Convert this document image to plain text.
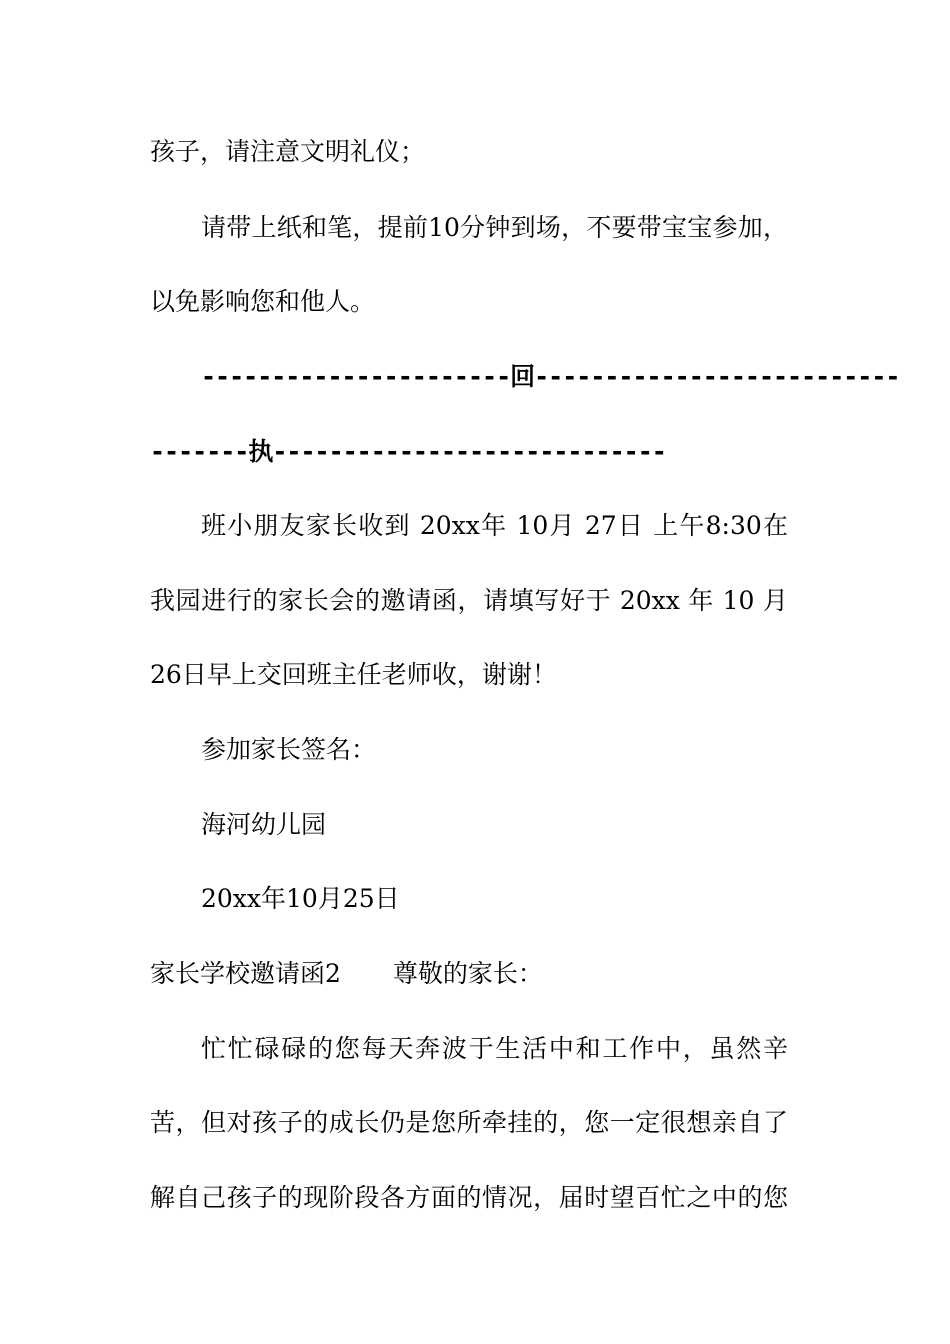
孩子，请注意文明礼仪；
请带上纸和笔，提前10分钟到场，不要带宝宝参加，
以免影响您和他人。
----------------------回--------------------------
-------执----------------------------
班小朋友家长收到 20xx年 10月 27日 上午8:30在
我园进行的家长会的邀请函，请填写好于 20xx 年 10 月
26日早上交回班主任老师收，谢谢！
参加家长签名：
海河幼儿园
20xx年10月25日
家长学校邀请函2 尊敬的家长：
忙忙碌碌的您每天奔波于生活中和工作中，虽然辛
苦，但对孩子的成长仍是您所牵挂的，您一定很想亲自了
解自己孩子的现阶段各方面的情况，届时望百忙之中的您
